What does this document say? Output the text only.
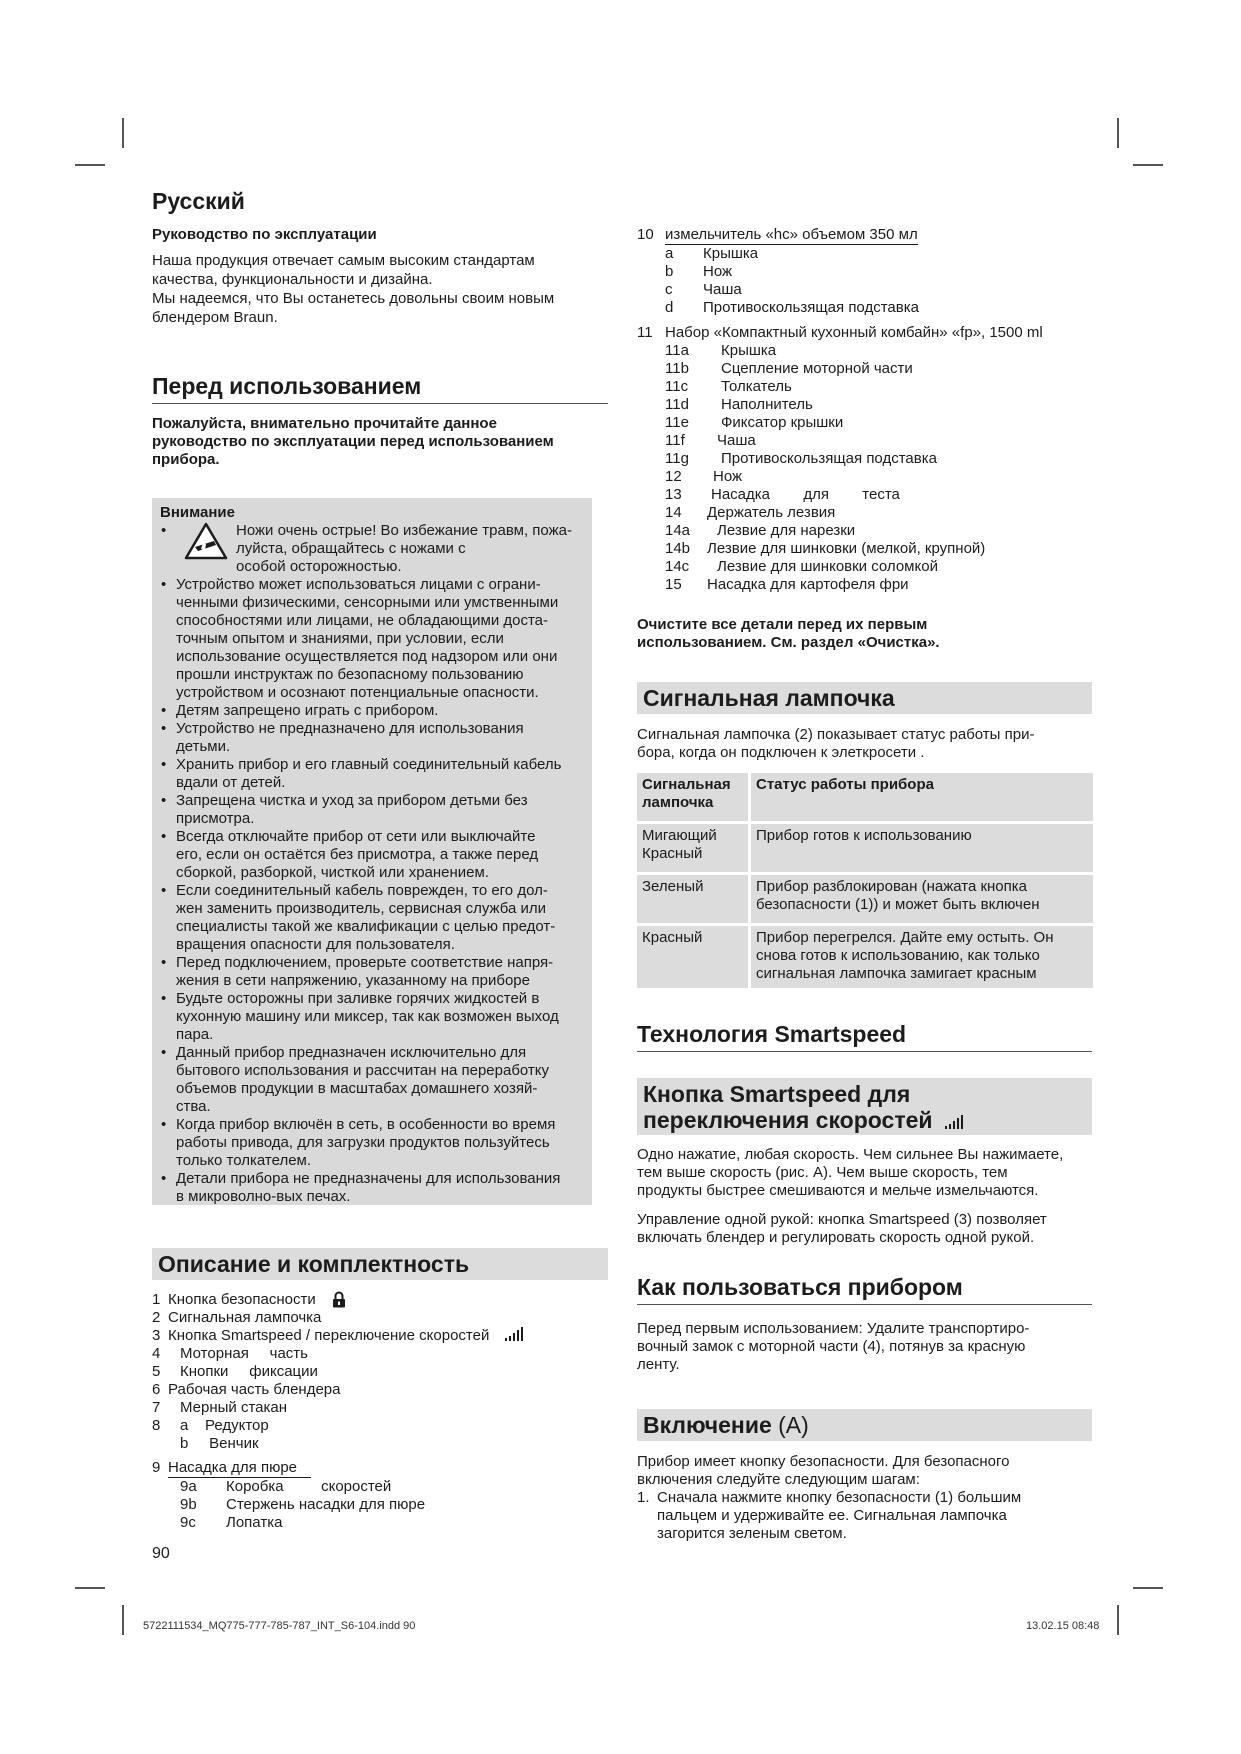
Русский
Руководство по эксплуатации

Наша продукция отвечает самым высоким стандартам

качества, функциональности и дизайна.

Мы надеемся, что Вы останетесь довольны своим новым

блендером Braun.

Перед использованием
Пожалуйста, внимательно прочитайте данное
руководство по эксплуатации перед использованием
прибора.
Внимание
• Ножи очень острые! Во избежание травм, пожа-
луйста, обращайтесь с ножами с
особой осторожностью.
• Устройство может использоваться лицами с ограни-
ченными физическими, сенсорными или умственными
способностями или лицами, не обладающими доста-
точным опытом и знаниями, при условии, если
использование осуществляется под надзором или они
прошли инструктаж по безопасному пользованию
устройством и осознают потенциальные опасности.
• Детям запрещено играть с прибором.
• Устройство не предназначено для использования
детьми.
• Хранить прибор и его главный соединительный кабель
вдали от детей.
• Запрещена чистка и уход за прибором детьми без
присмотра.
• Всегда отключайте прибор от сети или выключайте
его, если он остаётся без присмотра, а также перед
сборкой, разборкой, чисткой или хранением.
• Если соединительный кабель поврежден, то его дол-
жен заменить производитель, сервисная служба или
специалисты такой же квалификации с целью предот-
вращения опасности для пользователя.
• Перед подключением, проверьте соответствие напря-
жения в сети напряжению, указанному на приборе
• Будьте осторожны при заливке горячих жидкостей в
кухонную машину или миксер, так как возможен выход
пара.
• Данный прибор предназначен исключительно для
бытового использования и рассчитан на переработку
объемов продукции в масштабах домашнего хозяй-
ства.
• Когда прибор включён в сеть, в особенности во время
работы привода, для загрузки продуктов пользуйтесь
только толкателем.
• Детали прибора не предназначены для использования
в микроволно-вых печах.
Описание и комплектность
1 Кнопка безопасности
2 Сигнальная лампочка
3 Кнопка Smartspeed / переключение скоростей
4	Моторная     часть
5	Кнопки     фиксации
6 Рабочая часть блендера
7	Мерный стакан
8	a    Редуктор
b     Венчик
9 Насадка для пюре
9a	Коробка         скоростей
9b	Стержень насадки для пюре
9c	Лопатка
90
10 измельчитель «hc» объемом 350 мл
a	Крышка
b	Нож
c	Чаша
d	Противоскользящая подставка
11 Набор «Компактный кухонный комбайн» «fp», 1500 ml
11a	Крышка
11b	Сцепление моторной части
11c	Толкатель
11d	Наполнитель
11e	Фиксатор крышки
11f	Чаша
11g	Противоскользящая подставка
12	Нож
13	Насадка        для        теста
14	Держатель лезвия
14a	Лезвие для нарезки
14b	Лезвие для шинковки (мелкой, крупной)
14c	Лезвие для шинковки соломкой
15	Насадка для картофеля фри
Очистите все детали перед их первым
использованием. См. раздел «Очистка».
Сигнальная лампочка

Сигнальная лампочка (2) показывает статус работы при-

бора, когда он подключен к элеткросети .

Сигнальная
лампочка	Статус работы прибора

Мигающий
Красный	Прибор готов к использованию

Зеленый	Прибор разблокирован (нажата кнопка
безопасности (1)) и может быть включен

Красный	Прибор перегрелся. Дайте ему остыть. Он
снова готов к использованию, как только
сигнальная лампочка замигает красным
Технология Smartspeed
Кнопка Smartspeed для
переключения скоростей

Одно нажатие, любая скорость. Чем сильнее Вы нажимаете,

тем выше скорость (рис. A). Чем выше скорость, тем

продукты быстрее смешиваются и мельче измельчаются.

Управление одной рукой: кнопка Smartspeed (3) позволяет

включать блендер и регулировать скорость одной рукой.

Как пользоваться прибором

Перед первым использованием: Удалите транспортиро-

вочный замок с моторной части (4), потянув за красную

ленту.

Включение (A)

Прибор имеет кнопку безопасности. Для безопасного

включения следуйте следующим шагам:

1. Сначала нажмите кнопку безопасности (1) большим
пальцем и удерживайте ее. Сигнальная лампочка
загорится зеленым светом.
5722111534_MQ775-777-785-787_INT_S6-104.indd 90	13.02.15 08:48
